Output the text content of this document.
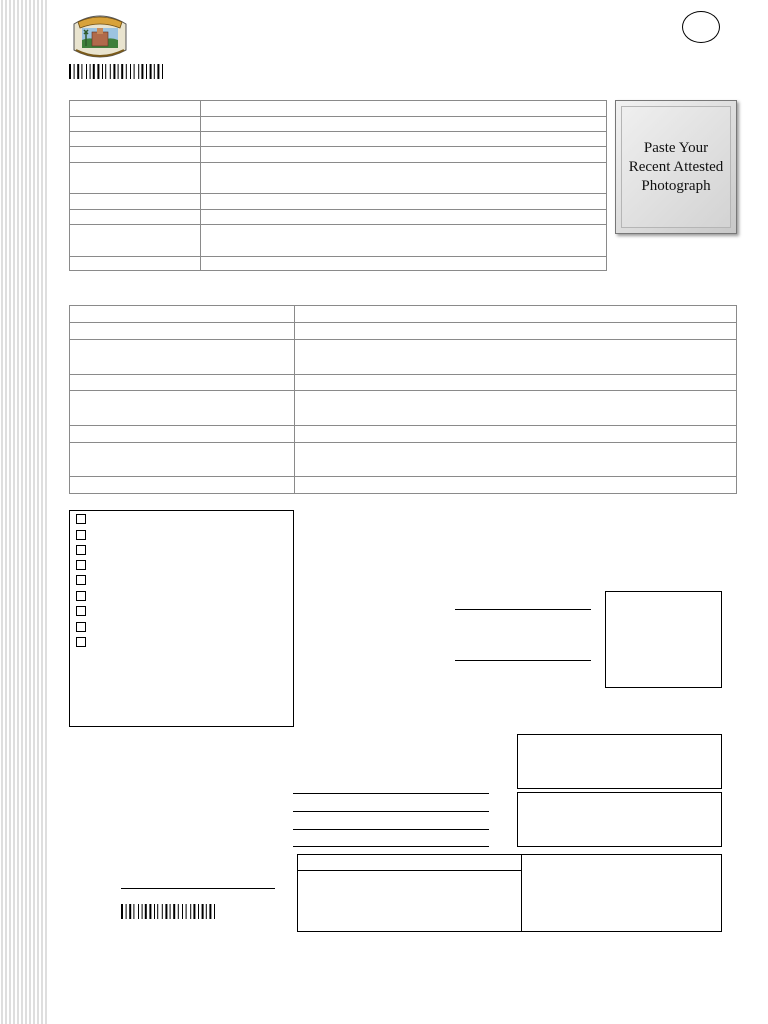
Paste Your
Recent Attested
Photograph
